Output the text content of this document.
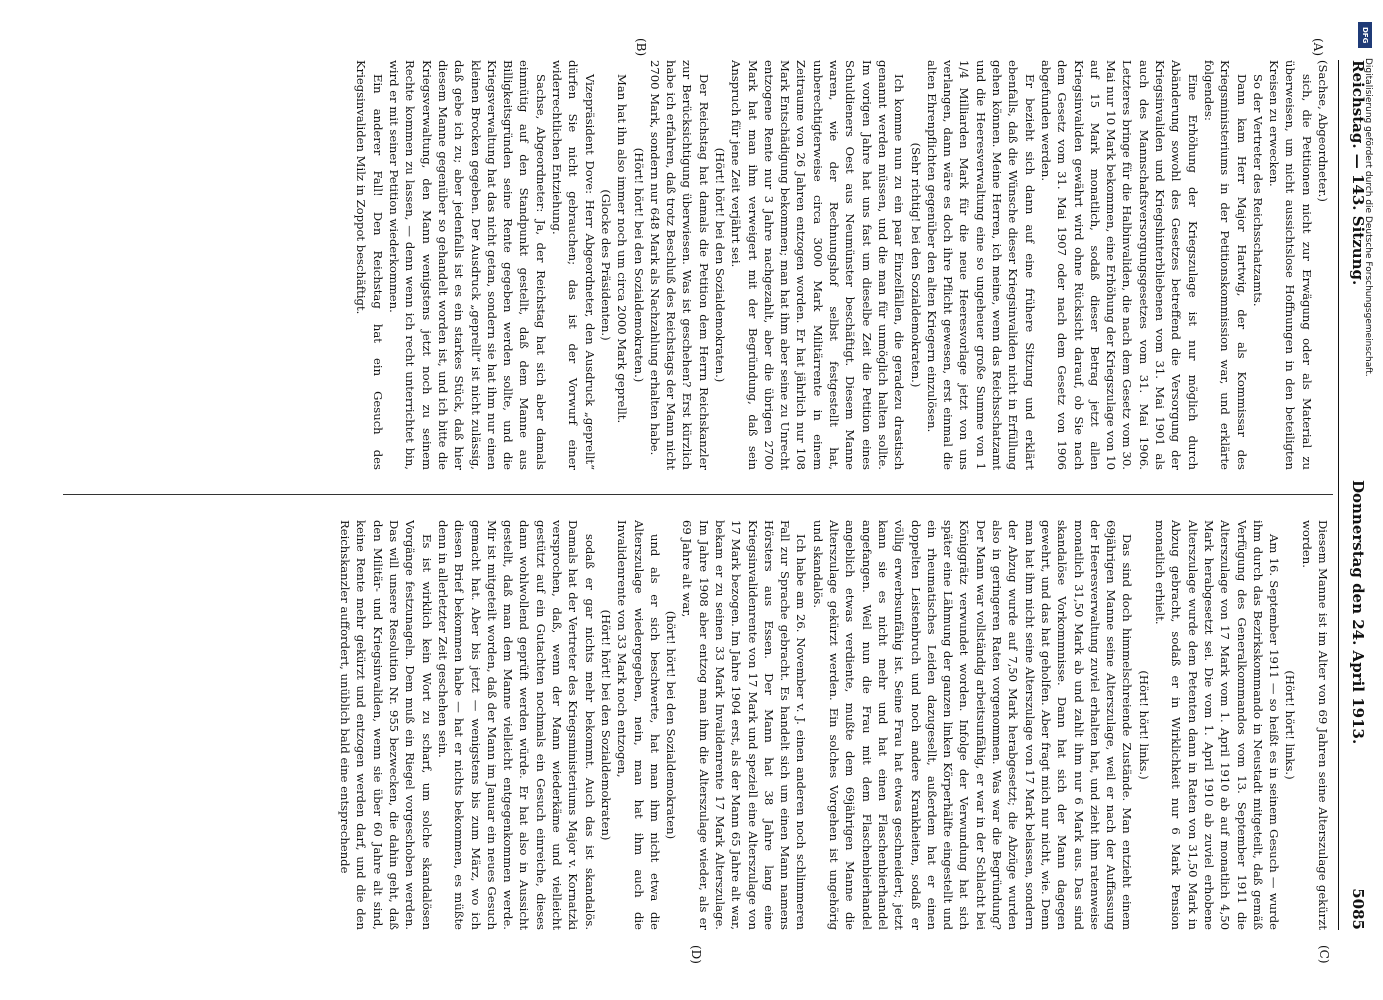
Reichstag. — 143. Sitzung.
Donnerstag den 24. April 1913.
5085
(A)
(B)
(C)
(D)

(Sachse, Abgeordneter.)

sich, die Petitionen nicht zur Erwägung oder als Material zu überweisen, um nicht aussichtslose Hoffnungen in den beteiligten Kreisen zu erwecken.

So der Vertreter des Reichsschatzamts.

Dann kam Herr Major Hartwig, der als Kommissar des Kriegsministeriums in der Petitionskommission war, und erklärte folgendes:

Eine Erhöhung der Kriegszulage ist nur möglich durch Abänderung sowohl des Gesetzes betreffend die Versorgung der Kriegsinvaliden und Kriegshinterbliebenen vom 31. Mai 1901 als auch des Mannschaftsversorgungsgesetzes vom 31. Mai 1906. Letzteres bringe für die Halbinvaliden, die nach dem Gesetz vom 30. Mai nur 10 Mark bekommen, eine Erhöhung der Kriegszulage von 10 auf 15 Mark monatlich, sodaß dieser Betrag jetzt allen Kriegsinvaliden gewährt wird ohne Rücksicht darauf, ob Sie nach dem Gesetz vom 31. Mai 1907 oder nach dem Gesetz von 1906 abgefunden werden.

Er bezieht sich dann auf eine frühere Sitzung und erklärt ebenfalls, daß die Wünsche dieser Kriegsinvaliden nicht in Erfüllung gehen können. Meine Herren, ich meine, wenn das Reichsschatzamt und die Heeresverwaltung eine so ungeheuer große Summe von 1 1/4 Milliarden Mark für die neue Heeresvorlage jetzt von uns verlangen, dann wäre es doch ihre Pflicht gewesen, erst einmal die alten Ehrenpflichten gegenüber den alten Kriegern einzulösen.

(Sehr richtig! bei den Sozialdemokraten.)

Ich komme nun zu ein paar Einzelfällen, die geradezu drastisch genannt werden müssen, und die man für unmöglich halten sollte. Im vorigen Jahre hat uns fast um dieselbe Zeit die Petition eines Schuldieners Oest aus Neumünster beschäftigt. Diesem Manne waren, wie der Rechnungshof selbst festgestellt hat, unberechtigterweise circa 3000 Mark Militärrente in einem Zeitraume von 26 Jahren entzogen worden. Er hat jährlich nur 108 Mark Entschädigung bekommen; man hat ihm aber seine zu Unrecht entzogene Rente nur 3 Jahre nachgezahlt, aber die übrigen 2700 Mark hat man ihm verweigert mit der Begründung, daß sein Anspruch für jene Zeit verjährt sei.

(Hört! hört! bei den Sozialdemokraten.)

Der Reichstag hat damals die Petition dem Herrn Reichskanzler zur Berücksichtigung überwiesen. Was ist geschehen? Erst kürzlich habe ich erfahren, daß trotz Beschluß des Reichstags der Mann nicht 2700 Mark, sondern nur 648 Mark als Nachzahlung erhalten habe.

(Hört! hört! bei den Sozialdemokraten.)

Man hat ihn also immer noch um circa 2000 Mark geprellt.

(Glocke des Präsidenten.)

Vizepräsident Dove: Herr Abgeordneter, den Ausdruck „geprellt“ dürfen Sie nicht gebrauchen; das ist der Vorwurf einer widerrechtlichen Entziehung.

Sachse, Abgeordneter: Ja, der Reichstag hat sich aber damals einmütig auf den Standpunkt gestellt, daß dem Manne aus Billigkeitsgründen seine Rente gegeben werden sollte, und die Kriegsverwaltung hat das nicht getan, sondern sie hat ihm nur einen kleinen Brocken gegeben. Der Ausdruck „geprellt“ ist nicht zulässig, daß gebe ich zu; aber jedenfalls ist es ein starkes Stück, daß hier diesem Manne gegenüber so gehandelt worden ist, und ich bitte die Kriegsverwaltung, den Mann wenigstens jetzt noch zu seinem Rechte kommen zu lassen, — denn wenn ich recht unterrichtet bin, wird er mit seiner Petition wiederkommen.

Ein anderer Fall! Den Reichstag hat ein Gesuch des Kriegsinvaliden Milz in Zoppot beschäftigt.

Diesem Manne ist im Alter von 69 Jahren seine Alterszulage gekürzt worden.

(Hört! hört! links.)

Am 16. September 1911 — so heißt es in seinem Gesuch — wurde ihm durch das Bezirkskommando in Neustadt mitgeteilt, daß gemäß Verfügung des Generalkommandos vom 13. September 1911 die Alterszulage von 17 Mark vom 1. April 1910 ab auf monatlich 4,50 Mark herabgesetzt sei. Die vom 1. April 1910 ab zuviel erhobene Alterszulage wurde dem Petenten dann in Raten von 31,50 Mark in Abzug gebracht, sodaß er in Wirklichkeit nur 6 Mark Pension monatlich erhielt.

(Hört! hört! links.)

Das sind doch himmelschreiende Zustände. Man entzieht einem 69jährigen Manne seine Alterszulage, weil er nach der Auffassung der Heeresverwaltung zuviel erhalten hat, und zieht ihm ratenweise monatlich 31,50 Mark ab und zahlt ihm nur 6 Mark aus. Das sind skandalöse Vorkommnisse. Dann hat sich der Mann dagegen gewehrt, und das hat geholfen. Aber fragt mich nur nicht, wie. Denn man hat ihm nicht seine Alterszulage von 17 Mark belassen, sondern der Abzug wurde auf 7,50 Mark herabgesetzt; die Abzüge wurden also in geringeren Raten vorgenommen. Was war die Begründung? Der Mann war vollständig arbeitsunfähig, er war in der Schlacht bei Königgrätz verwundet worden. Infolge der Verwundung hat sich später eine Lähmung der ganzen linken Körperhälfte eingestellt und ein rheumatisches Leiden dazugesellt, außerdem hat er einen doppelten Leistenbruch und noch andere Krankheiten, sodaß er völlig erwerbsunfähig ist. Seine Frau hat etwas geschneidert; jetzt kann sie es nicht mehr und hat einen Flaschenbierhandel angefangen. Weil nun die Frau mit dem Flaschenbierhandel angeblich etwas verdiente, mußte dem 69jährigen Manne die Alterszulage gekürzt werden. Ein solches Vorgehen ist ungehörig und skandalös.

Ich habe am 26. November v. J. einen anderen noch schlimmeren Fall zur Sprache gebracht. Es handelt sich um einen Mann namens Hörsters aus Essen. Der Mann hat 38 Jahre lang eine Kriegsinvalidenrente von 17 Mark und speziell eine Alterszulage von 17 Mark bezogen. Im Jahre 1904 erst, als der Mann 65 Jahre alt war, bekam er zu seinen 33 Mark Invalidenrente 17 Mark Alterszulage. Im Jahre 1908 aber entzog man ihm die Alterszulage wieder, als er 69 Jahre alt war,

(hört! hört! bei den Sozialdemokraten)

und als er sich beschwerte, hat man ihm nicht etwa die Alterszulage wiedergegeben, nein, man hat ihm auch die Invalidenrente von 33 Mark noch entzogen,

(Hört! hört! bei den Sozialdemokraten)

sodaß er gar nichts mehr bekommt. Auch das ist skandalös. Damals hat der Vertreter des Kriegsministeriums Major v. Kornatzki versprochen, daß, wenn der Mann wiederkäme und vielleicht gestützt auf ein Gutachten nochmals ein Gesuch einreiche, dieses dann wohlwollend geprüft werden würde. Er hat also in Aussicht gestellt, daß man dem Manne vielleicht entgegenkommen werde. Mir ist mitgeteilt worden, daß der Mann im Januar ein neues Gesuch gemacht hat. Aber bis jetzt — wenigstens bis zum März, wo ich diesen Brief bekommen habe — hat er nichts bekommen, es müßte denn in allerletzter Zeit geschehen sein.

Es ist wirklich kein Wort zu scharf, um solche skandalösen Vorgänge festzunageln. Dem muß ein Riegel vorgeschoben werden. Das will unsere Resolution Nr. 955 bezwecken, die dahin geht, daß den Militär- und Kriegsinvaliden, wenn sie über 60 Jahre alt sind, keine Rente mehr gekürzt und entzogen werden darf, und die den Reichskanzler auffordert, unüblich bald eine entsprechende

DFG
Digitalisierung gefördert durch die Deutsche Forschungsgemeinschaft.
